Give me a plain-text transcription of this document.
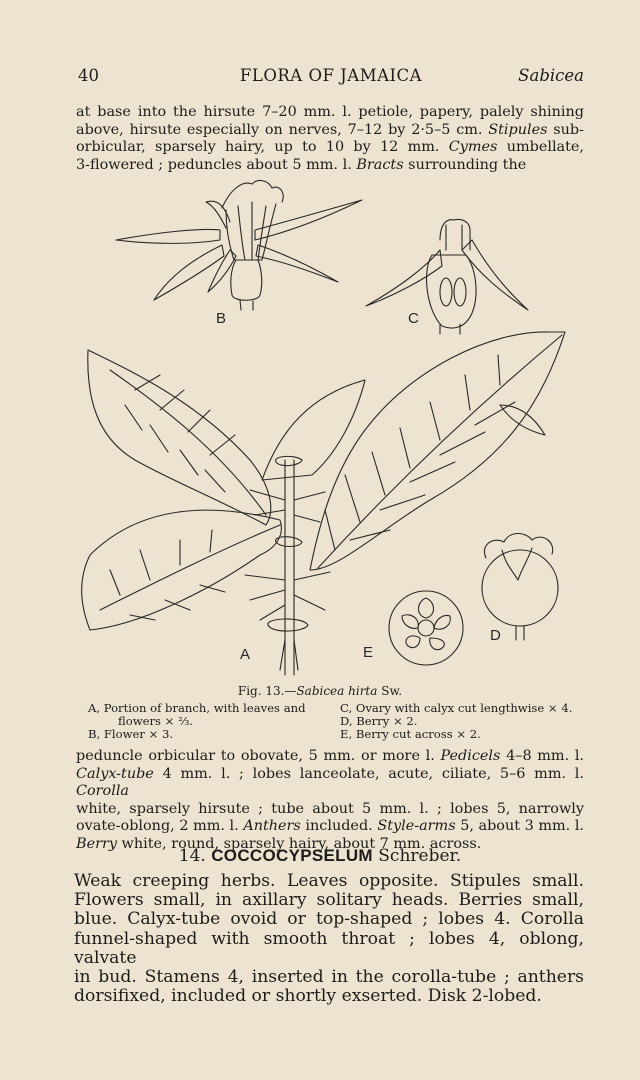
40	FLORA OF JAMAICA	Sabicea

at base into the hirsute 7–20 mm. l. petiole, papery, palely shining

above, hirsute especially on nerves, 7–12 by 2·5–5 cm. Stipules sub-

orbicular, sparsely hairy, up to 10 by 12 mm. Cymes umbellate,

3-flowered ; peduncles about 5 mm. l. Bracts surrounding the

B	C
A	E
D
Fig. 13.—Sabicea hirta Sw.
A, Portion of branch, with leaves and
flowers × ⅔.
B, Flower × 3.
C, Ovary with calyx cut lengthwise × 4.
D, Berry × 2.
E, Berry cut across × 2.

peduncle orbicular to obovate, 5 mm. or more l. Pedicels 4–8 mm. l.

Calyx-tube 4 mm. l. ; lobes lanceolate, acute, ciliate, 5–6 mm. l. Corolla

white, sparsely hirsute ; tube about 5 mm. l. ; lobes 5, narrowly

ovate-oblong, 2 mm. l. Anthers included. Style-arms 5, about 3 mm. l.

Berry white, round, sparsely hairy, about 7 mm. across.

14. COCCOCYPSELUM Schreber.

Weak creeping herbs. Leaves opposite. Stipules small.

Flowers small, in axillary solitary heads. Berries small,

blue. Calyx-tube ovoid or top-shaped ; lobes 4. Corolla

funnel-shaped with smooth throat ; lobes 4, oblong, valvate

in bud. Stamens 4, inserted in the corolla-tube ; anthers

dorsifixed, included or shortly exserted. Disk 2-lobed.
